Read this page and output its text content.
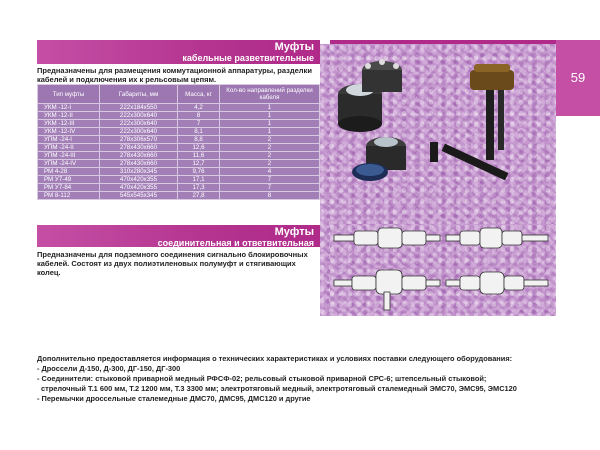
59
Муфты
кабельные разветвительные
Предназначены для размещения коммутационной аппаратуры, разделки кабелей и подключения их к рельсовым цепям.
Тип муфты	Габариты, мм	Масса, кг	Кол-во направлений разделки кабеля
УКМ -12-I	222х184х550	4,2	1
УКМ -12-II	222х300х640	8	1
УКМ -12-III	222х300х640	7	1
УКМ -12-IV	222х300х640	8,1	1
УПМ -24-I	278х306х570	8,8	2
УПМ -24-II	278х430х660	12,6	2
УПМ -24-III	278х430х660	11,6	2
УПМ -24-IV	278х430х660	12,7	2
РМ 4-28	310х280х345	9,76	4
РМ У7-49	470х420х355	17,1	7
РМ У7-84	470х420х355	17,3	7
РМ 8-112	545х545х345	27,8	8
Муфты
соединительная и ответвительная
Предназначены для подземного соединения сигнально блокировочных кабелей. Состоят из двух полиэтиленовых полумуфт и стягивающих колец.
Дополнительно предоставляется информация о технических характеристиках и условиях поставки следующего оборудования:
- Дроссели Д-150, Д-300, ДГ-150, ДГ-300
- Соединители: стыковой приварной медный РФСФ-02; рельсовый стыковой приварной СРС-6; штепсельный стыковой;
стрелочный Т.1 600 мм, Т.2 1200 мм, Т.3 3300 мм; электротяговый медный, электротяговый сталемедный ЭМС70, ЭМС95, ЭМС120
- Перемычки дроссельные сталемедные ДМС70, ДМС95, ДМС120 и другие
